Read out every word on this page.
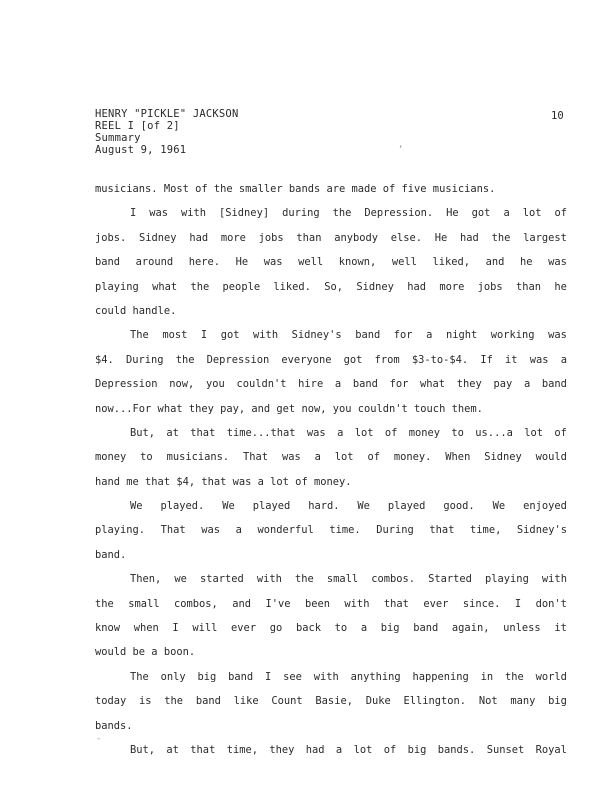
HENRY "PICKLE" JACKSON
REEL I [of 2]
Summary
August 9, 1961
10
,
-
musicians. Most of the smaller bands are made of five musicians.
I was with [Sidney] during the Depression. He got a lot of
jobs. Sidney had more jobs than anybody else. He had the largest
band around here. He was well known, well liked, and he was
playing what the people liked. So, Sidney had more jobs than he
could handle.
The most I got with Sidney's band for a night working was
$4. During the Depression everyone got from $3-to-$4. If it was a
Depression now, you couldn't hire a band for what they pay a band
now...For what they pay, and get now, you couldn't touch them.
But, at that time...that was a lot of money to us...a lot of
money to musicians. That was a lot of money. When Sidney would
hand me that $4, that was a lot of money.
We played. We played hard. We played good. We enjoyed
playing. That was a wonderful time. During that time, Sidney's
band.
Then, we started with the small combos. Started playing with
the small combos, and I've been with that ever since. I don't
know when I will ever go back to a big band again, unless it
would be a boon.
The only big band I see with anything happening in the world
today is the band like Count Basie, Duke Ellington. Not many big
bands.
But, at that time, they had a lot of big bands. Sunset Royal
